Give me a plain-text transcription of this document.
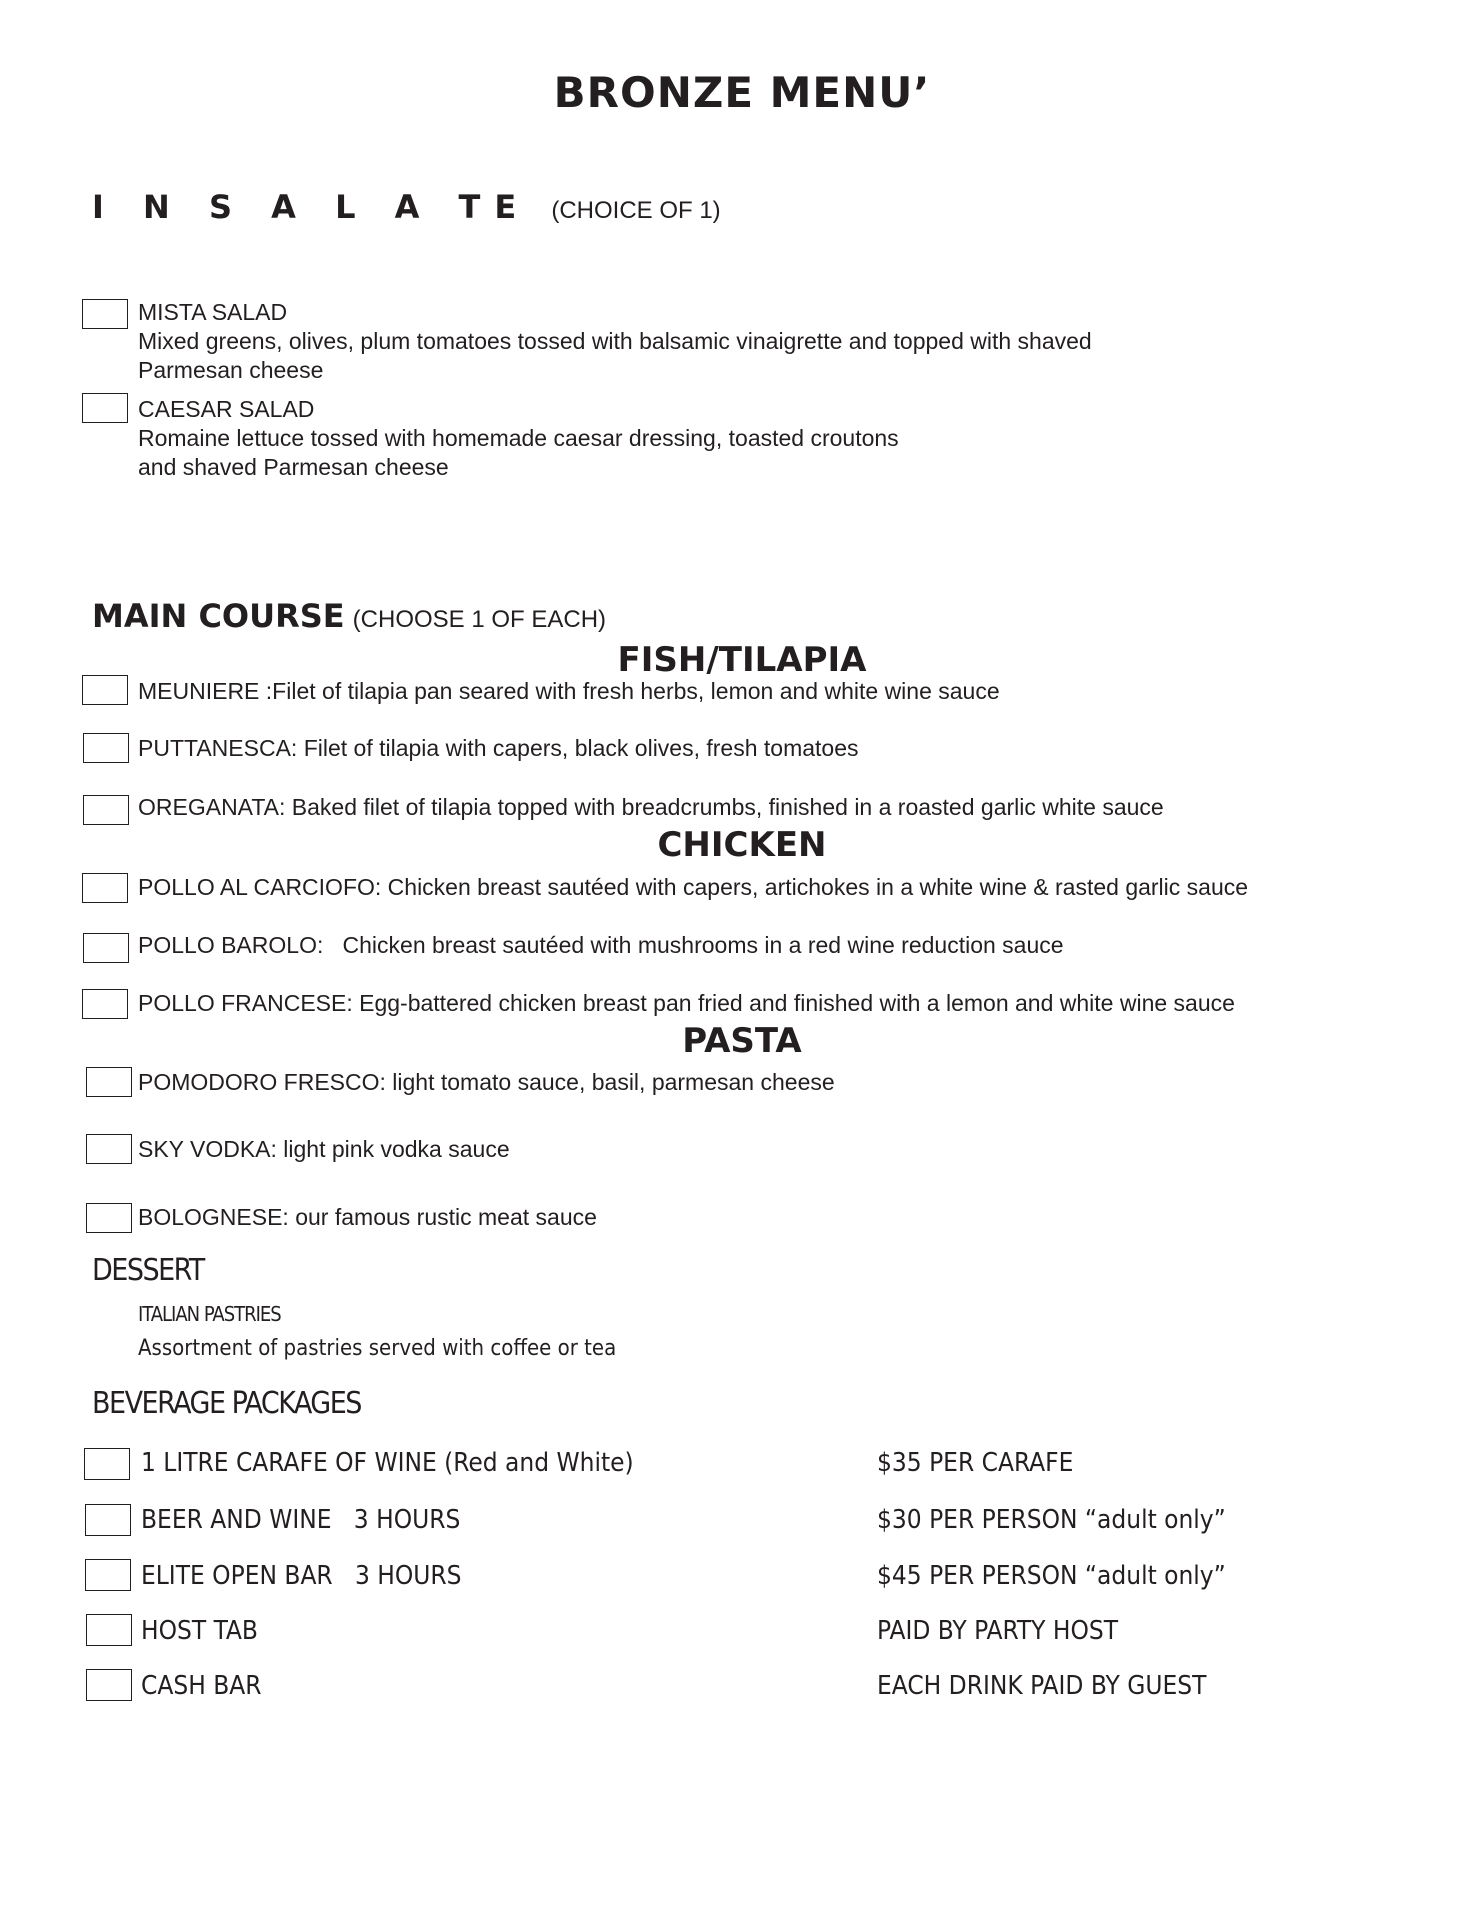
BRONZE MENU’
I N S A L A TE (CHOICE OF 1)
MISTA SALAD
Mixed greens, olives, plum tomatoes tossed with balsamic vinaigrette and topped with shaved
Parmesan cheese
CAESAR SALAD
Romaine lettuce tossed with homemade caesar dressing, toasted croutons
and shaved Parmesan cheese
MAIN COURSE (CHOOSE 1 OF EACH)
FISH/TILAPIA
MEUNIERE :Filet of tilapia pan seared with fresh herbs, lemon and white wine sauce
PUTTANESCA: Filet of tilapia with capers, black olives, fresh tomatoes
OREGANATA: Baked filet of tilapia topped with breadcrumbs, finished in a roasted garlic white sauce
CHICKEN
POLLO AL CARCIOFO: Chicken breast sautéed with capers, artichokes in a white wine & rasted garlic sauce
POLLO BAROLO:   Chicken breast sautéed with mushrooms in a red wine reduction sauce
POLLO FRANCESE: Egg-battered chicken breast pan fried and finished with a lemon and white wine sauce
PASTA
POMODORO FRESCO: light tomato sauce, basil, parmesan cheese
SKY VODKA: light pink vodka sauce
BOLOGNESE: our famous rustic meat sauce
DESSERT
ITALIAN PASTRIES
Assortment of pastries served with coffee or tea
BEVERAGE PACKAGES
1 LITRE CARAFE OF WINE (Red and White)	$35 PER CARAFE
BEER AND WINE   3 HOURS	$30 PER PERSON “adult only”
ELITE OPEN BAR   3 HOURS	$45 PER PERSON “adult only”
HOST TAB	PAID BY PARTY HOST
CASH BAR	EACH DRINK PAID BY GUEST
